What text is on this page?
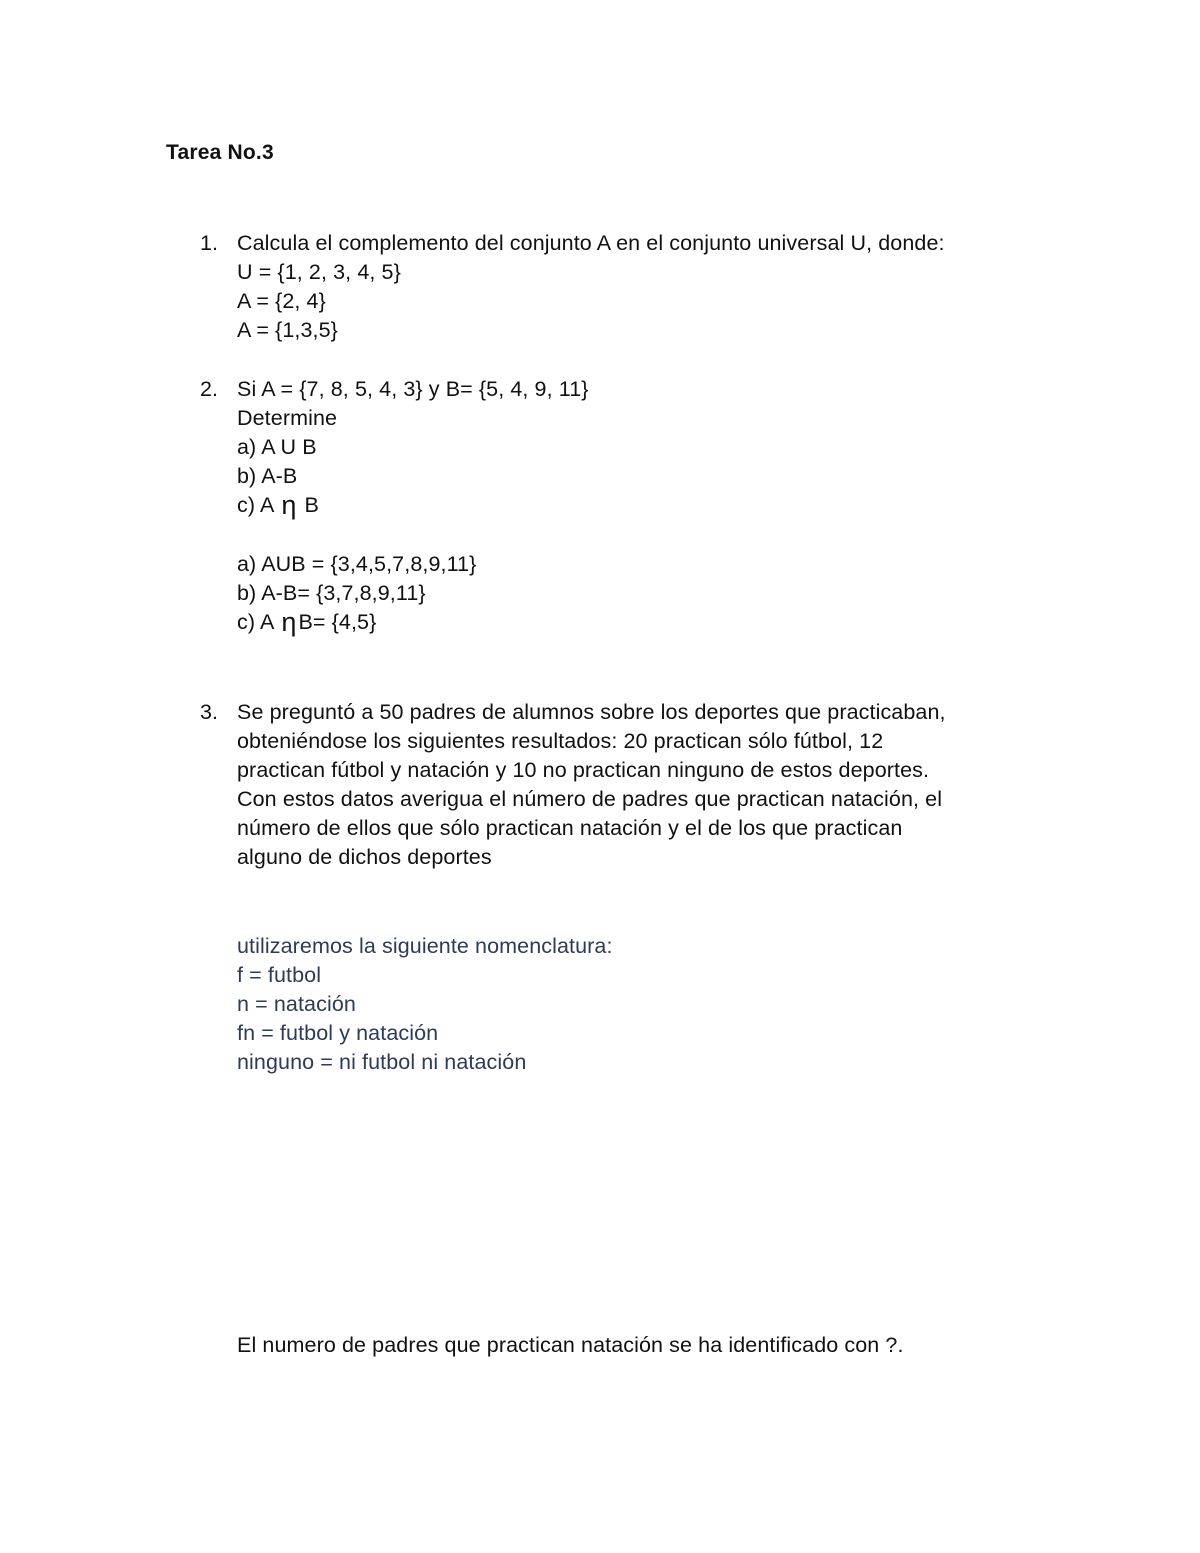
Tarea No.3
1. Calcula el complemento del conjunto A en el conjunto universal U, donde:
U = {1, 2, 3, 4, 5}
A = {2, 4}
A = {1,3,5}
2. Si A = {7, 8, 5, 4, 3} y B= {5, 4, 9, 11}
Determine
a) A U B
b) A-B
c) A η B
a) AUB = {3,4,5,7,8,9,11}
b) A-B= {3,7,8,9,11}
c) A ηB= {4,5}
3. Se preguntó a 50 padres de alumnos sobre los deportes que practicaban,
obteniéndose los siguientes resultados: 20 practican sólo fútbol, 12
practican fútbol y natación y 10 no practican ninguno de estos deportes.
Con estos datos averigua el número de padres que practican natación, el
número de ellos que sólo practican natación y el de los que practican
alguno de dichos deportes
utilizaremos la siguiente nomenclatura:
f = futbol
n = natación
fn = futbol y natación
ninguno = ni futbol ni natación
El numero de padres que practican natación se ha identificado con ?.
